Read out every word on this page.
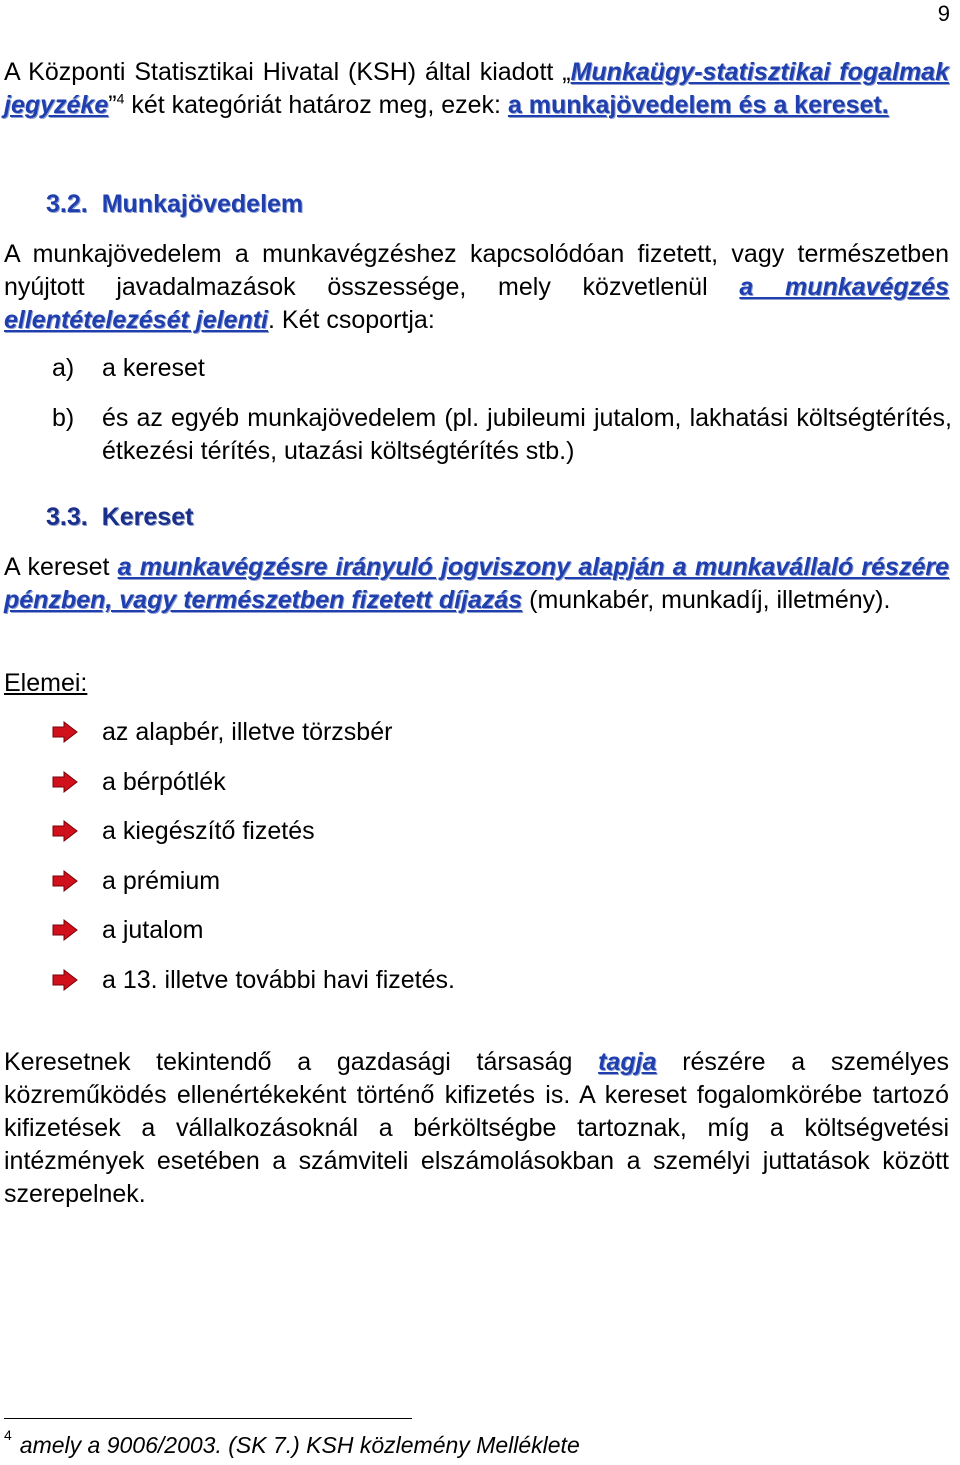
9
A Központi Statisztikai Hivatal (KSH) által kiadott „Munkaügy-statisztikai fogalmak jegyzéke”$^4$ két kategóriát határoz meg, ezek: a munkajövedelem és a kereset.
3.2. Munkajövedelem
A munkajövedelem a munkavégzéshez kapcsolódóan fizetett, vagy természetben nyújtott javadalmazások összessége, mely közvetlenül a munkavégzés ellentételezését jelenti. Két csoportja:
a) a kereset
b) és az egyéb munkajövedelem (pl. jubileumi jutalom, lakhatási költségtérítés, étkezési térítés, utazási költségtérítés stb.)
3.3. Kereset
A kereset a munkavégzésre irányuló jogviszony alapján a munkavállaló részére pénzben, vagy természetben fizetett díjazás (munkabér, munkadíj, illetmény).
Elemei:
az alapbér, illetve törzsbér
a bérpótlék
a kiegészítő fizetés
a prémium
a jutalom
a 13. illetve további havi fizetés.
Keresetnek tekintendő a gazdasági társaság tagja részére a személyes közreműködés ellenértékeként történő kifizetés is. A kereset fogalomkörébe tartozó kifizetések a vállalkozásoknál a bérköltségbe tartoznak, míg a költségvetési intézmények esetében a számviteli elszámolásokban a személyi juttatások között szerepelnek.
$^4$ amely a 9006/2003. (SK 7.) KSH közlemény Melléklete
